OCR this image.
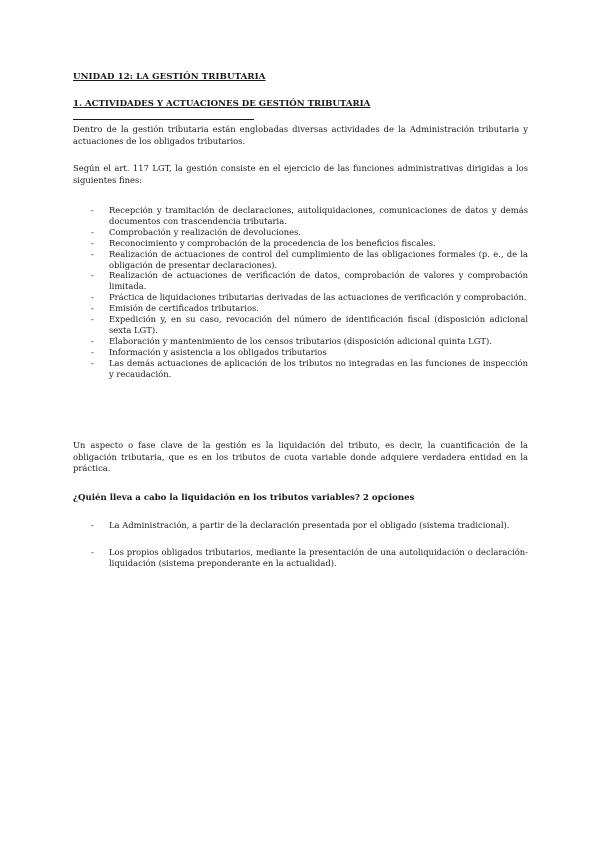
UNIDAD 12: LA GESTIÓN TRIBUTARIA
1. ACTIVIDADES Y ACTUACIONES DE GESTIÓN TRIBUTARIA

Dentro de la gestión tributaria están englobadas diversas actividades de la Administración tributaria y actuaciones de los obligados tributarios.

Según el art. 117 LGT, la gestión consiste en el ejercicio de las funciones administrativas dirigidas a los siguientes fines:

- Recepción y tramitación de declaraciones, autoliquidaciones, comunicaciones de datos y demás documentos con trascendencia tributaria.
- Comprobación y realización de devoluciones.
- Reconocimiento y comprobación de la procedencia de los beneficios fiscales.
- Realización de actuaciones de control del cumplimiento de las obligaciones formales (p. e., de la obligación de presentar declaraciones).
- Realización de actuaciones de verificación de datos, comprobación de valores y comprobación limitada.
- Práctica de liquidaciones tributarias derivadas de las actuaciones de verificación y comprobación.
- Emisión de certificados tributarios.
- Expedición y, en su caso, revocación del número de identificación fiscal (disposición adicional sexta LGT).
- Elaboración y mantenimiento de los censos tributarios (disposición adicional quinta LGT).
- Información y asistencia a los obligados tributarios
- Las demás actuaciones de aplicación de los tributos no integradas en las funciones de inspección y recaudación.

Un aspecto o fase clave de la gestión es la liquidación del tributo, es decir, la cuantificación de la obligación tributaria, que es en los tributos de cuota variable donde adquiere verdadera entidad en la práctica.

¿Quién lleva a cabo la liquidación en los tributos variables? 2 opciones
- La Administración, a partir de la declaración presentada por el obligado (sistema tradicional).
- Los propios obligados tributarios, mediante la presentación de una autoliquidación o declaración-liquidación (sistema preponderante en la actualidad).
